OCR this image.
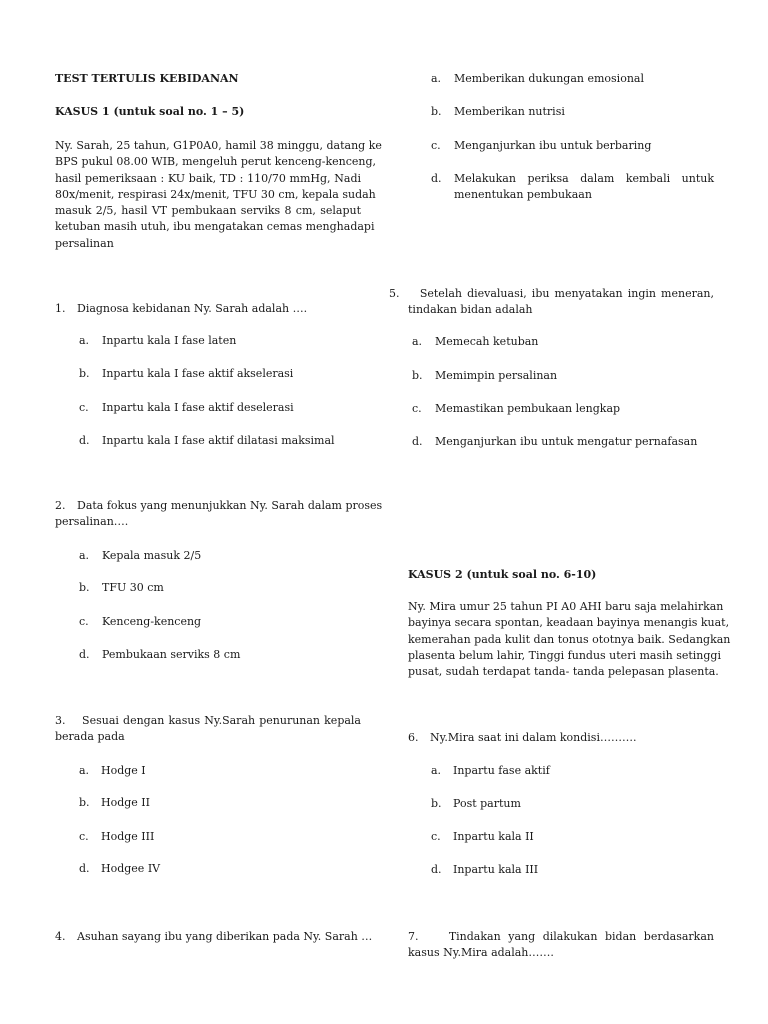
TEST TERTULIS KEBIDANAN
KASUS 1 (untuk soal no. 1 – 5)
Ny. Sarah, 25 tahun, G1P0A0, hamil 38 minggu, datang ke
BPS pukul 08.00 WIB, mengeluh perut kenceng-kenceng,
hasil pemeriksaan : KU baik, TD : 110/70 mmHg, Nadi
80x/menit, respirasi 24x/menit, TFU 30 cm, kepala sudah
masuk 2/5, hasil VT pembukaan serviks 8 cm, selaput
ketuban masih utuh, ibu mengatakan cemas menghadapi
persalinan
1. Diagnosa kebidanan Ny. Sarah adalah ….
a. Inpartu kala I fase laten
b. Inpartu kala I fase aktif akselerasi
c. Inpartu kala I fase aktif deselerasi
d. Inpartu kala I fase aktif dilatasi maksimal
2. Data fokus yang menunjukkan Ny. Sarah dalam proses
persalinan….
a. Kepala masuk 2/5
b. TFU 30 cm
c. Kenceng-kenceng
d. Pembukaan serviks 8 cm
3. Sesuai dengan kasus Ny.Sarah penurunan kepala
berada pada
a. Hodge I
b. Hodge II
c. Hodge III
d. Hodgee IV
4. Asuhan sayang ibu yang diberikan pada Ny. Sarah …
a. Memberikan dukungan emosional
b. Memberikan nutrisi
c. Menganjurkan ibu untuk berbaring
d. Melakukan periksa dalam kembali untuk
menentukan pembukaan
5. Setelah dievaluasi, ibu menyatakan ingin meneran,
tindakan bidan adalah
a. Memecah ketuban
b. Memimpin persalinan
c. Memastikan pembukaan lengkap
d. Menganjurkan ibu untuk mengatur pernafasan
KASUS 2 (untuk soal no. 6-10)
Ny. Mira umur 25 tahun PI A0 AHI baru saja melahirkan
bayinya secara spontan, keadaan bayinya menangis kuat,
kemerahan pada kulit dan tonus ototnya baik. Sedangkan
plasenta belum lahir, Tinggi fundus uteri masih setinggi
pusat, sudah terdapat tanda- tanda pelepasan plasenta.
6. Ny.Mira saat ini dalam kondisi……….
a. Inpartu fase aktif
b. Post partum
c. Inpartu kala II
d. Inpartu kala III
7.	Tindakan yang dilakukan bidan berdasarkan
kasus Ny.Mira adalah…….
